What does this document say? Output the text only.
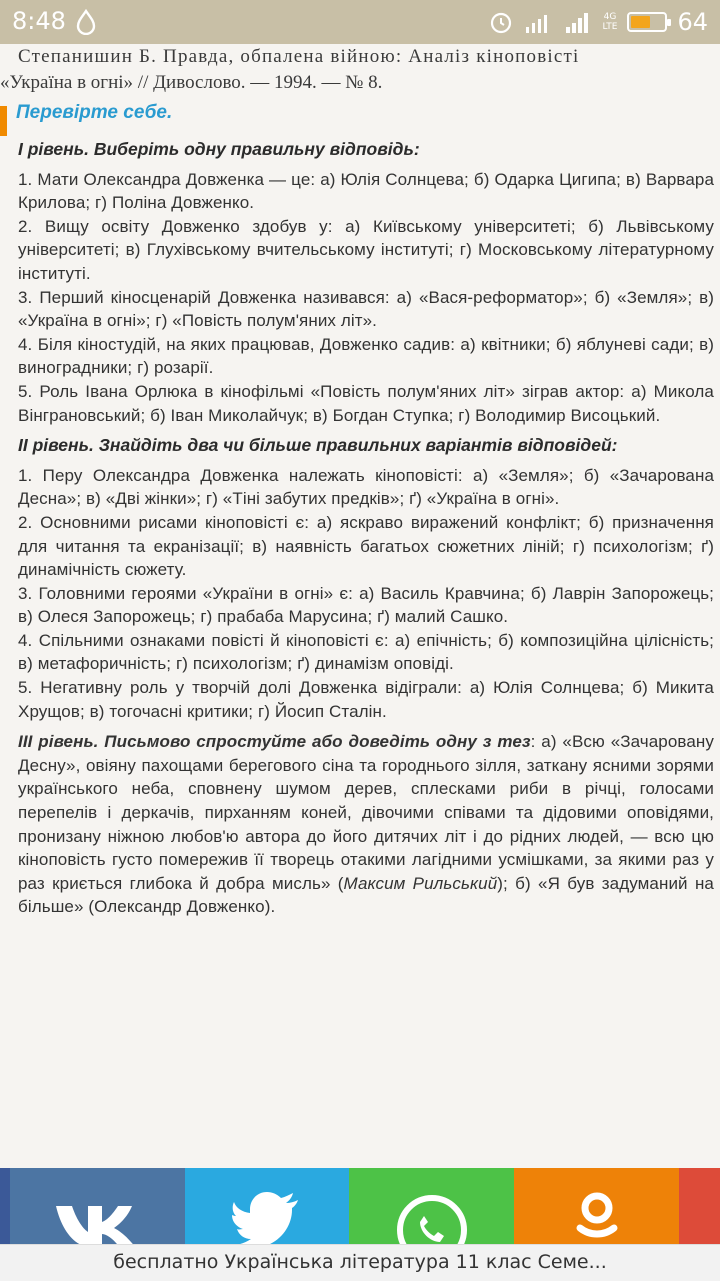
8:48	4G
LTE	64
Степанишин Б. Правда, обпалена війною: Аналіз кіноповісті
«Україна в огні» // Дивослово. — 1994. — № 8.
Перевірте себе.
І рівень. Виберіть одну правильну відповідь:
1. Мати Олександра Довженка — це: а) Юлія Солнцева; б) Одарка Цигипа; в) Варвара Крилова; г) Поліна Довженко.
2. Вищу освіту Довженко здобув у: а) Київському університеті; б) Львівському університеті; в) Глухівському вчительському інституті; г) Московському літературному інституті.
3. Перший кіносценарій Довженка називався: а) «Вася-реформатор»; б) «Земля»; в) «Україна в огні»; г) «Повість полум'яних літ».
4. Біля кіностудій, на яких працював, Довженко садив: а) квітники; б) яблуневі сади; в) виноградники; г) розарії.
5. Роль Івана Орлюка в кінофільмі «Повість полум'яних літ» зіграв актор: а) Микола Вінграновський; б) Іван Миколайчук; в) Богдан Ступка; г) Володимир Висоцький.
ІІ рівень. Знайдіть два чи більше правильних варіантів відповідей:
1. Перу Олександра Довженка належать кіноповісті: а) «Земля»; б) «Зачарована Десна»; в) «Дві жінки»; г) «Тіні забутих предків»; ґ) «Україна в огні».
2. Основними рисами кіноповісті є: а) яскраво виражений конфлікт; б) призначення для читання та екранізації; в) наявність багатьох сюжетних ліній; г) психологізм; ґ) динамічність сюжету.
3. Головними героями «України в огні» є: а) Василь Кравчина; б) Лаврін Запорожець; в) Олеся Запорожець; г) прабаба Марусина; ґ) малий Сашко.
4. Спільними ознаками повісті й кіноповісті є: а) епічність; б) композиційна цілісність; в) метафоричність; г) психологізм; ґ) динамізм оповіді.
5. Негативну роль у творчій долі Довженка відіграли: а) Юлія Солнцева; б) Микита Хрущов; в) тогочасні критики; г) Йосип Сталін.
ІІІ рівень. Письмово спростуйте або доведіть одну з тез: а) «Всю «Зачаровану Десну», овіяну пахощами берегового сіна та городнього зілля, заткану ясними зорями українського неба, сповнену шумом дерев, сплесками риби в річці, голосами перепелів і деркачів, пирханням коней, дівочими співами та дідовими оповідями, пронизану ніжною любов'ю автора до його дитячих літ і до рідних людей, — всю цю кіноповість густо помережив її творець отакими лагідними усмішками, за якими раз у раз криється глибока й добра мисль» (Максим Рильський); б) «Я був задуманий на більше» (Олександр Довженко).
бесплатно Українська література 11 клас Семе...
